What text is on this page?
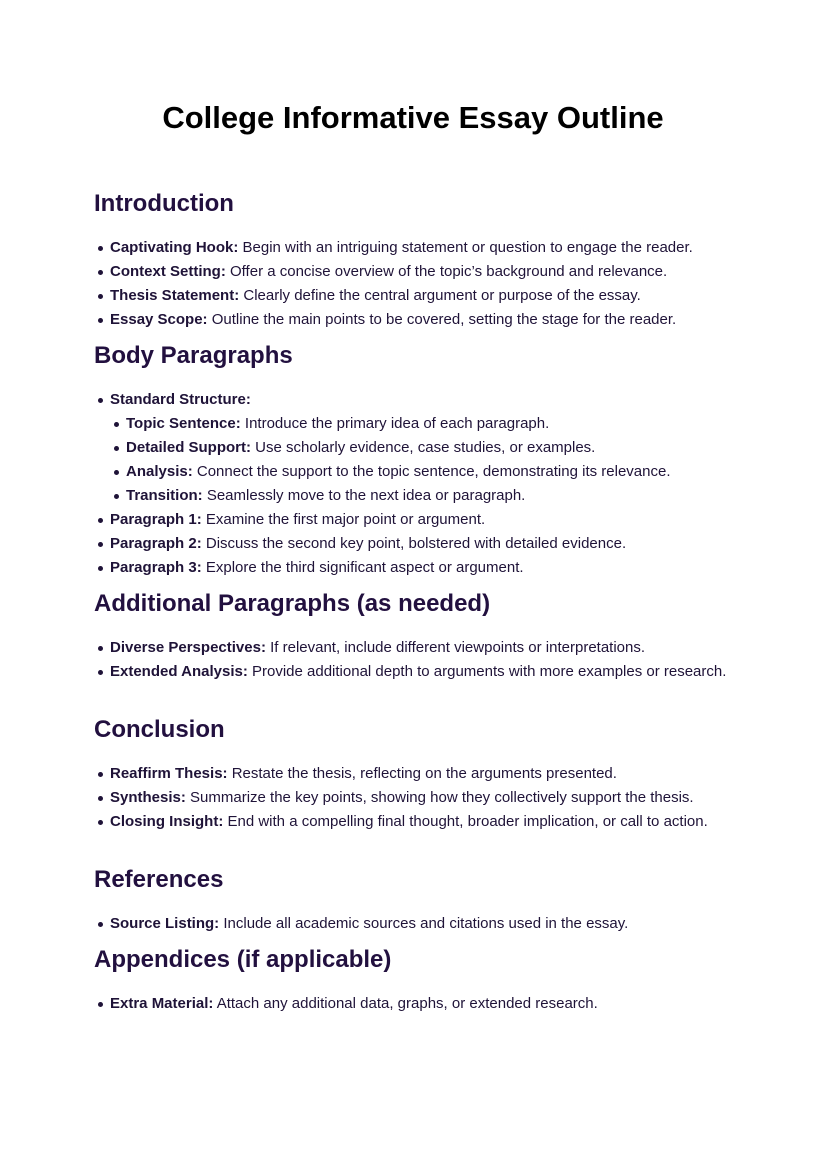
College Informative Essay Outline
Introduction
Captivating Hook: Begin with an intriguing statement or question to engage the reader.
Context Setting: Offer a concise overview of the topic’s background and relevance.
Thesis Statement: Clearly define the central argument or purpose of the essay.
Essay Scope: Outline the main points to be covered, setting the stage for the reader.
Body Paragraphs
Standard Structure:
Topic Sentence: Introduce the primary idea of each paragraph.
Detailed Support: Use scholarly evidence, case studies, or examples.
Analysis: Connect the support to the topic sentence, demonstrating its relevance.
Transition: Seamlessly move to the next idea or paragraph.
Paragraph 1: Examine the first major point or argument.
Paragraph 2: Discuss the second key point, bolstered with detailed evidence.
Paragraph 3: Explore the third significant aspect or argument.
Additional Paragraphs (as needed)
Diverse Perspectives: If relevant, include different viewpoints or interpretations.
Extended Analysis: Provide additional depth to arguments with more examples or research.
Conclusion
Reaffirm Thesis: Restate the thesis, reflecting on the arguments presented.
Synthesis: Summarize the key points, showing how they collectively support the thesis.
Closing Insight: End with a compelling final thought, broader implication, or call to action.
References
Source Listing: Include all academic sources and citations used in the essay.
Appendices (if applicable)
Extra Material: Attach any additional data, graphs, or extended research.
